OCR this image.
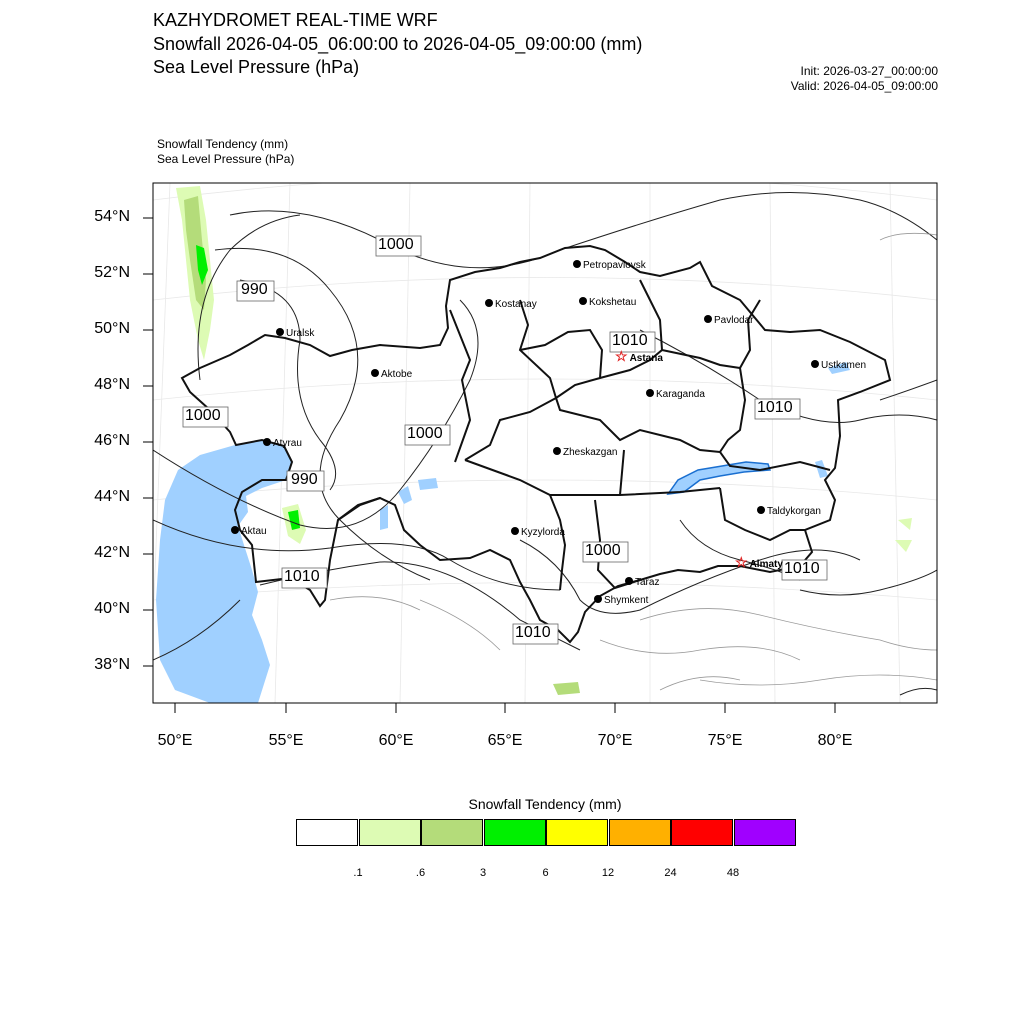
KAZHYDROMET REAL-TIME WRF
Snowfall 2026-04-05_06:00:00 to 2026-04-05_09:00:00 (mm)
Sea Level Pressure (hPa)	Init: 2026-03-27_00:00:00
Valid: 2026-04-05_09:00:00
Snowfall Tendency (mm)
Sea Level Pressure (hPa)
1000
990
1010
1000	1010
1000
990
1000
1010	1010
1010
Petropavlovsk
Kostanay	Kokshetau
Pavlodar
Uralsk
Aktobe
☆ Astana
Ustkamen
Karaganda
Atyrau
Zheskazgan
Aktau	Kyzylorda
Taldykorgan
☆ Almaty
Taraz
Shymkent
54°N
52°N
50°N
48°N
46°N
44°N
42°N
40°N
38°N
50°E	55°E	60°E	65°E	70°E	75°E	80°E
Snowfall Tendency (mm)
.1	.6	3	6	12	24	48
